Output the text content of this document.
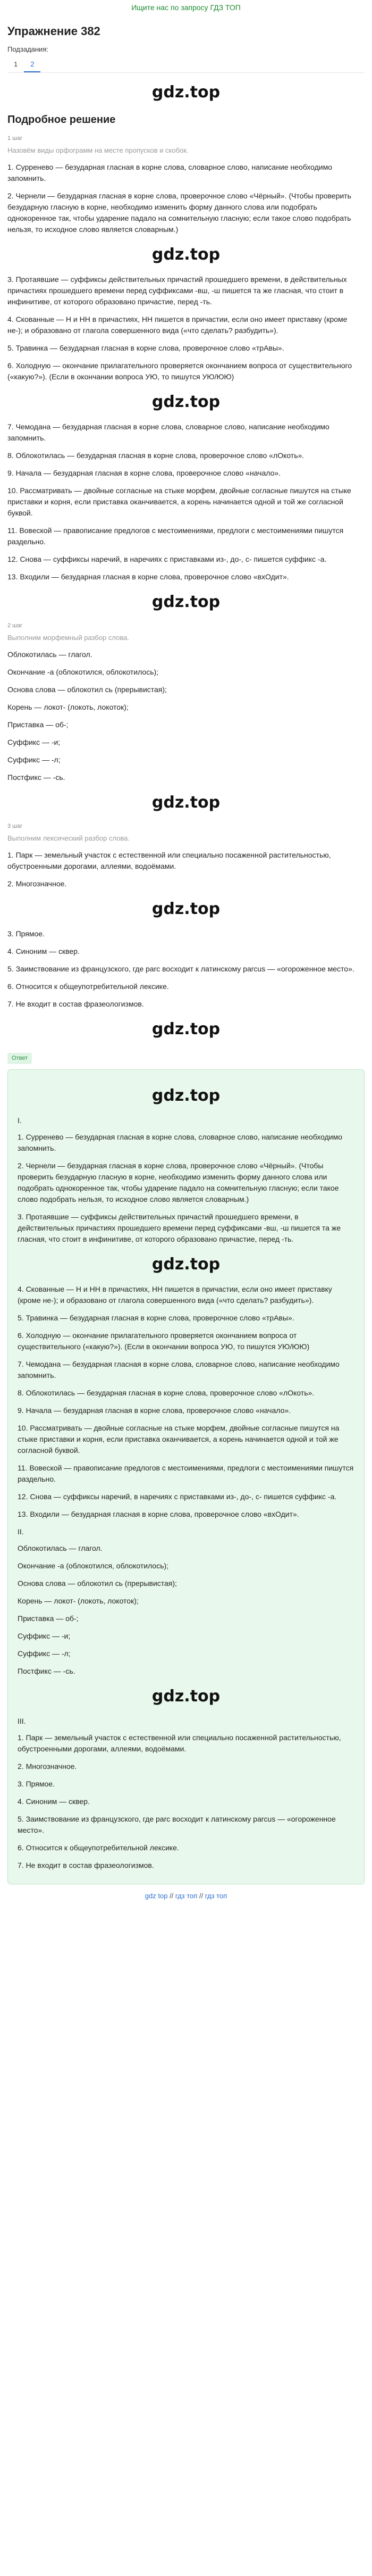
Ищите нас по запросу ГДЗ ТОП
Упражнение 382
Подзадания:
1	2
gdz.top
Подробное решение
1 шаг
Назовём виды орфограмм на месте пропусков и скобок.

1. Сурренево — безударная гласная в корне слова, словарное слово, написание необходимо запомнить.

2. Чернели — безударная гласная в корне слова, проверочное слово «Чёрный». (Чтобы проверить безударную гласную в корне, необходимо изменить форму данного слова или подобрать однокоренное так, чтобы ударение падало на сомнительную гласную; если такое слово подобрать нельзя, то исходное слово является словарным.)

gdz.top

3. Протаявшие — суффиксы действительных причастий прошедшего времени, в действительных причастиях прошедшего времени перед суффиксами -вш, -ш пишется та же гласная, что стоит в инфинитиве, от которого образовано причастие, перед -ть.

4. Скованные — Н и НН в причастиях, НН пишется в причастии, если оно имеет приставку (кроме не-); и образовано от глагола совершенного вида («что сделать? разбудить»).

5. Травинка — безударная гласная в корне слова, проверочное слово «трАвы».

6. Холодную — окончание прилагательного проверяется окончанием вопроса от существительного («какую?»). (Если в окончании вопроса УЮ, то пишутся УЮ/ЮЮ)

gdz.top

7. Чемодана — безударная гласная в корне слова, словарное слово, написание необходимо запомнить.

8. Облокотилась — безударная гласная в корне слова, проверочное слово «лОкоть».

9. Начала — безударная гласная в корне слова, проверочное слово «начало».

10. Рассматривать — двойные согласные на стыке морфем, двойные согласные пишутся на стыке приставки и корня, если приставка оканчивается, а корень начинается одной и той же согласной буквой.

11. Вовеской — правописание предлогов с местоимениями, предлоги с местоимениями пишутся раздельно.

12. Снова — суффиксы наречий, в наречиях с приставками из-, до-, с- пишется суффикс -а.

13. Входили — безударная гласная в корне слова, проверочное слово «вхОдит».

gdz.top
2 шаг
Выполним морфемный разбор слова.

Облокотилась — глагол.

Окончание -а (облокотился, облокотилось);

Основа слова — облокотил сь (прерывистая);

Корень — локот- (локоть, локоток);

Приставка — об-;

Суффикс — -и;

Суффикс — -л;

Постфикс — -сь.

gdz.top
3 шаг
Выполним лексический разбор слова.

1. Парк — земельный участок с естественной или специально посаженной растительностью, обустроенными дорогами, аллеями, водоёмами.

2. Многозначное.

gdz.top

3. Прямое.

4. Синоним — сквер.

5. Заимствование из французского, где parc восходит к латинскому parcus — «огороженное место».

6. Относится к общеупотребительной лексике.

7. Не входит в состав фразеологизмов.

gdz.top
Ответ
gdz.top
I.

1. Сурренево — безударная гласная в корне слова, словарное слово, написание необходимо запомнить.

2. Чернели — безударная гласная в корне слова, проверочное слово «Чёрный». (Чтобы проверить безударную гласную в корне, необходимо изменить форму данного слова или подобрать однокоренное так, чтобы ударение падало на сомнительную гласную; если такое слово подобрать нельзя, то исходное слово является словарным.)

3. Протаявшие — суффиксы действительных причастий прошедшего времени, в действительных причастиях прошедшего времени перед суффиксами -вш, -ш пишется та же гласная, что стоит в инфинитиве, от которого образовано причастие, перед -ть.

gdz.top

4. Скованные — Н и НН в причастиях, НН пишется в причастии, если оно имеет приставку (кроме не-); и образовано от глагола совершенного вида («что сделать? разбудить»).

5. Травинка — безударная гласная в корне слова, проверочное слово «трАвы».

6. Холодную — окончание прилагательного проверяется окончанием вопроса от существительного («какую?»). (Если в окончании вопроса УЮ, то пишутся УЮ/ЮЮ)

7. Чемодана — безударная гласная в корне слова, словарное слово, написание необходимо запомнить.

8. Облокотилась — безударная гласная в корне слова, проверочное слово «лОкоть».

9. Начала — безударная гласная в корне слова, проверочное слово «начало».

10. Рассматривать — двойные согласные на стыке морфем, двойные согласные пишутся на стыке приставки и корня, если приставка оканчивается, а корень начинается одной и той же согласной буквой.

11. Вовеской — правописание предлогов с местоимениями, предлоги с местоимениями пишутся раздельно.

12. Снова — суффиксы наречий, в наречиях с приставками из-, до-, с- пишется суффикс -а.

13. Входили — безударная гласная в корне слова, проверочное слово «вхОдит».

II.

Облокотилась — глагол.

Окончание -а (облокотился, облокотилось);

Основа слова — облокотил сь (прерывистая);

Корень — локот- (локоть, локоток);

Приставка — об-;

Суффикс — -и;

Суффикс — -л;

Постфикс — -сь.

gdz.top
III.

1. Парк — земельный участок с естественной или специально посаженной растительностью, обустроенными дорогами, аллеями, водоёмами.

2. Многозначное.

3. Прямое.

4. Синоним — сквер.

5. Заимствование из французского, где parc восходит к латинскому parcus — «огороженное место».

6. Относится к общеупотребительной лексике.

7. Не входит в состав фразеологизмов.

gdz top // гдз топ // гдз топ
